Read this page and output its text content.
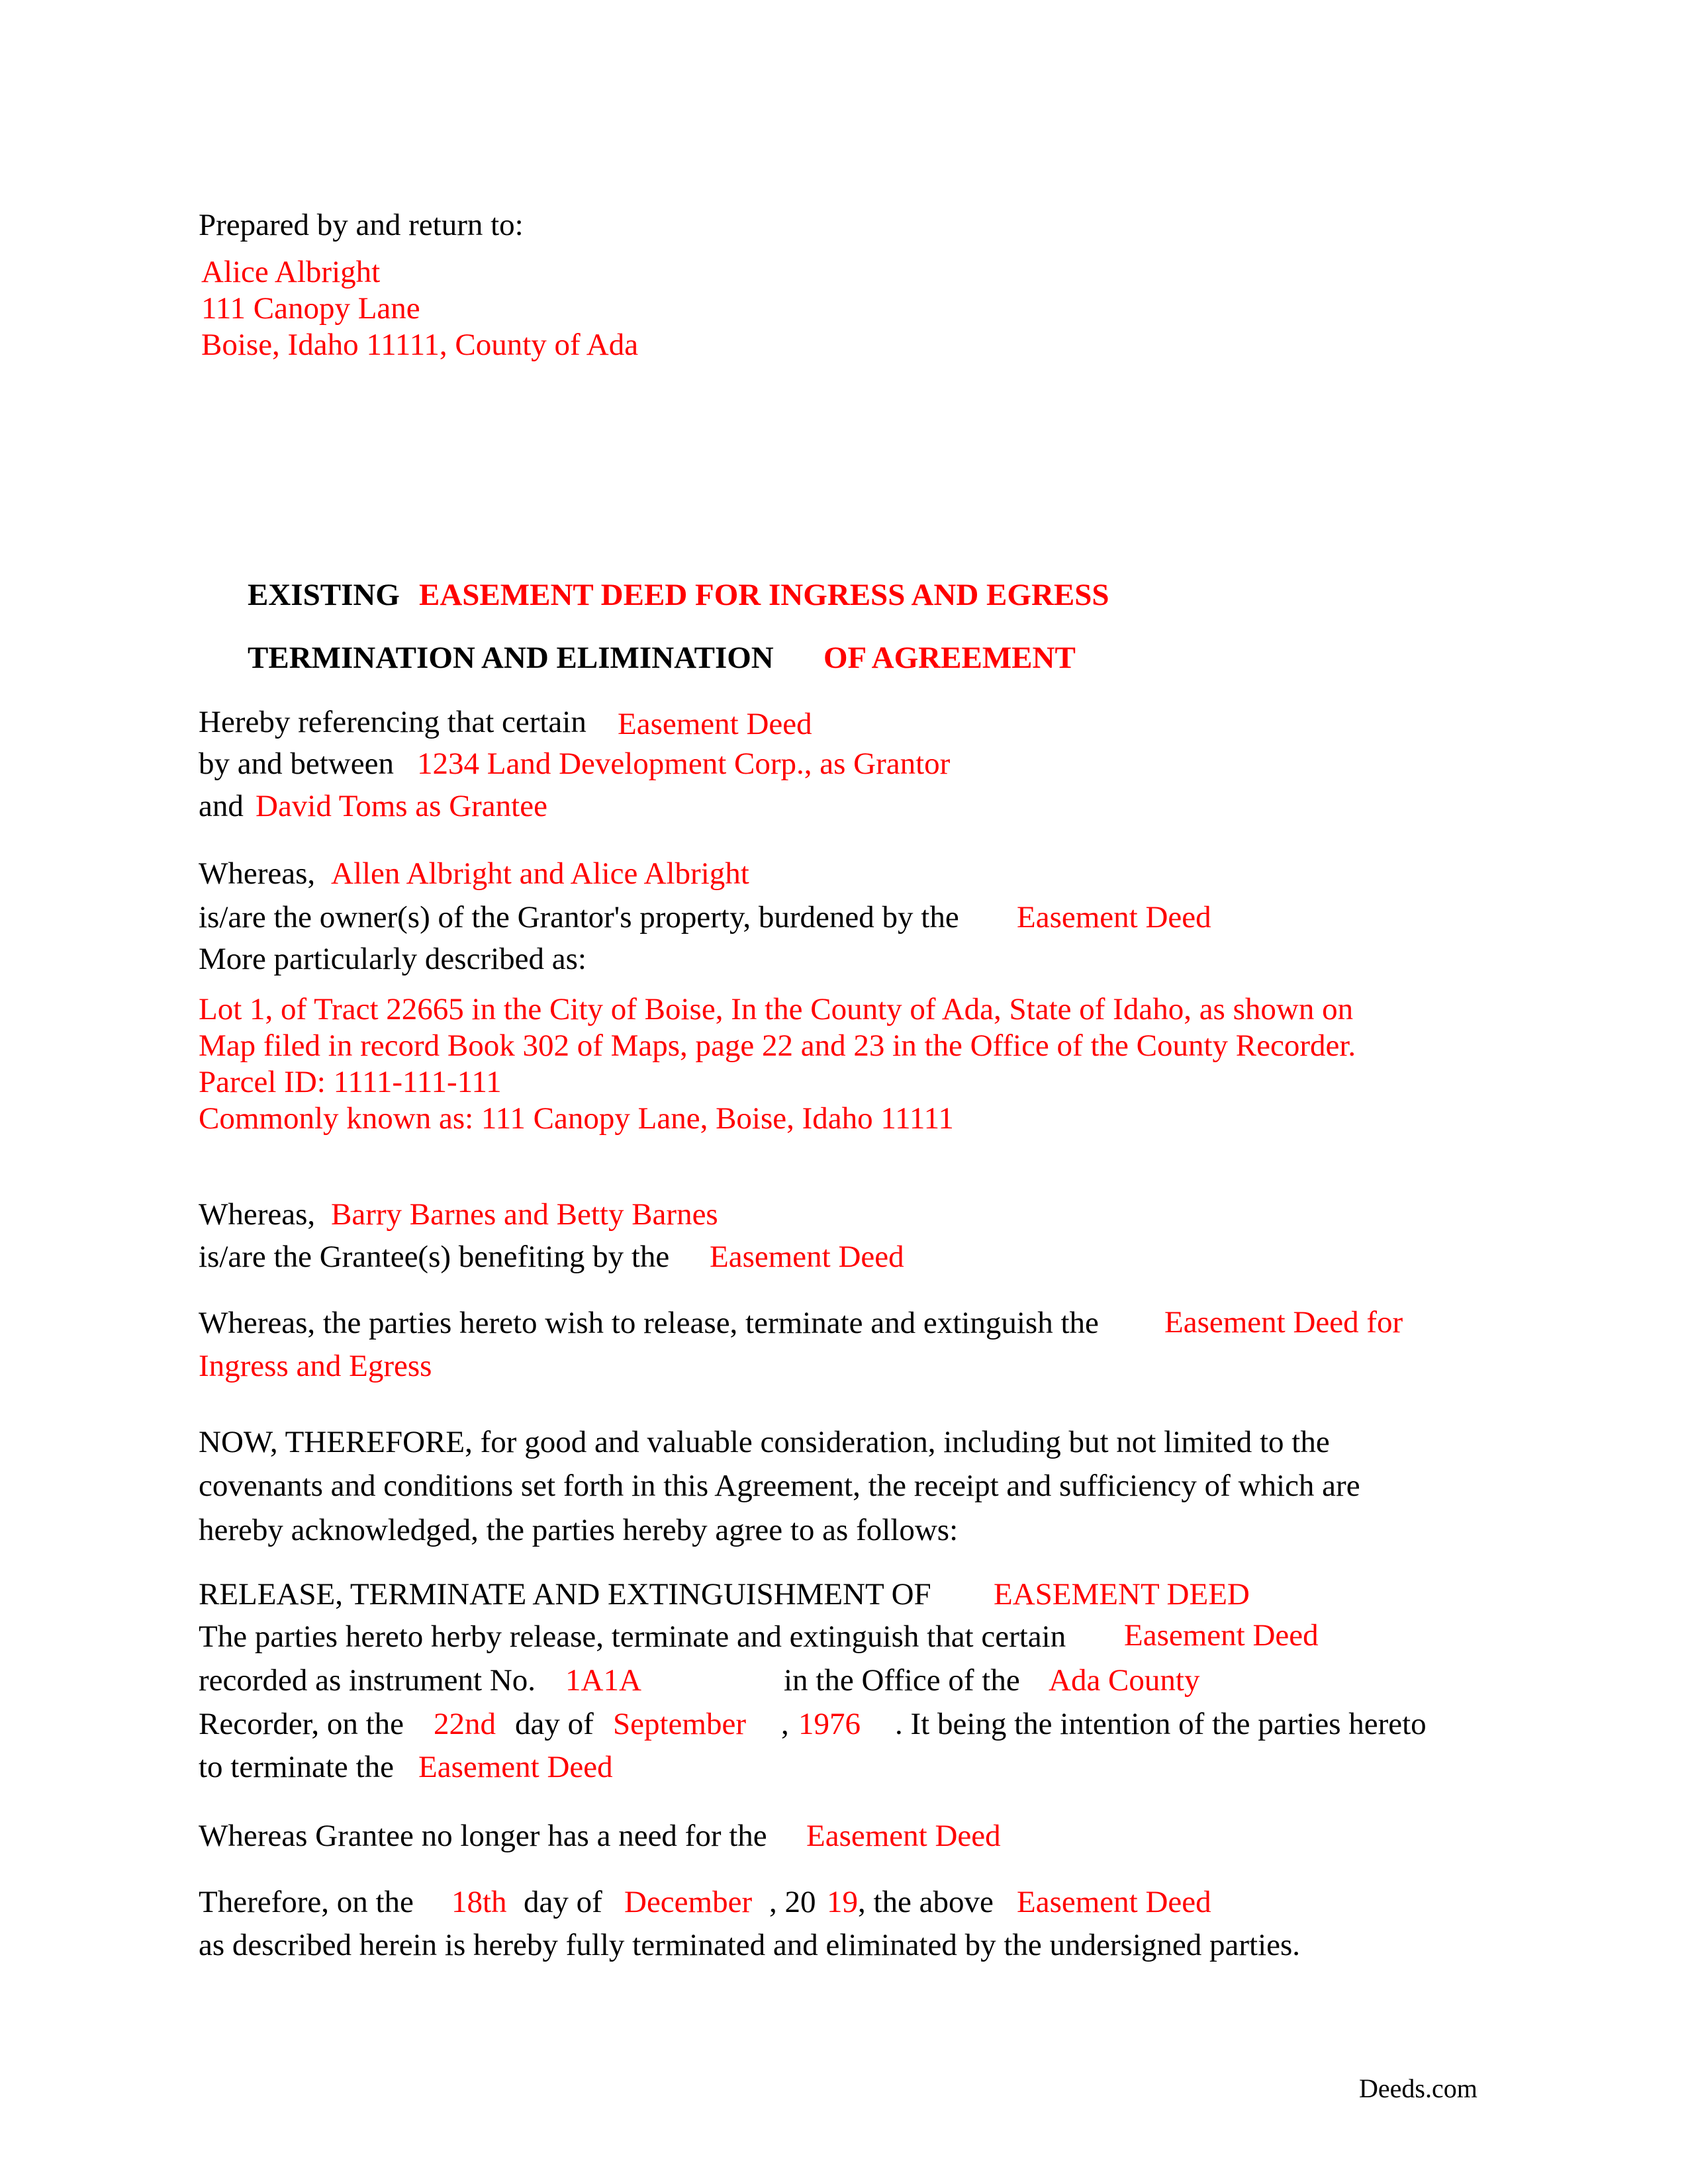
Prepared by and return to:
Alice Albright
111 Canopy Lane
Boise, Idaho 11111, County of Ada
EXISTING EASEMENT DEED FOR INGRESS AND EGRESS
TERMINATION AND ELIMINATION OF AGREEMENT
Hereby referencing that certain Easement Deed
by and between 1234 Land Development Corp., as Grantor
and David Toms as Grantee
Whereas, Allen Albright and Alice Albright
is/are the owner(s) of the Grantor's property, burdened by the Easement Deed
More particularly described as:
Lot 1, of Tract 22665 in the City of Boise, In the County of Ada, State of Idaho, as shown on
Map filed in record Book 302 of Maps, page 22 and 23 in the Office of the County Recorder.
Parcel ID: 1111-111-111
Commonly known as: 111 Canopy Lane, Boise, Idaho 11111
Whereas, Barry Barnes and Betty Barnes
is/are the Grantee(s) benefiting by the Easement Deed
Whereas, the parties hereto wish to release, terminate and extinguish the Easement Deed for
Ingress and Egress
NOW, THEREFORE, for good and valuable consideration, including but not limited to the
covenants and conditions set forth in this Agreement, the receipt and sufficiency of which are
hereby acknowledged, the parties hereby agree to as follows:
RELEASE, TERMINATE AND EXTINGUISHMENT OF EASEMENT DEED
The parties hereto herby release, terminate and extinguish that certain Easement Deed
recorded as instrument No. 1A1A	in the Office of the Ada County
Recorder, on the 22nd day of September , 1976 . It being the intention of the parties hereto
to terminate the Easement Deed
Whereas Grantee no longer has a need for the Easement Deed
Therefore, on the 18th day of December , 20 19 , the above Easement Deed
as described herein is hereby fully terminated and eliminated by the undersigned parties.
Deeds.com
